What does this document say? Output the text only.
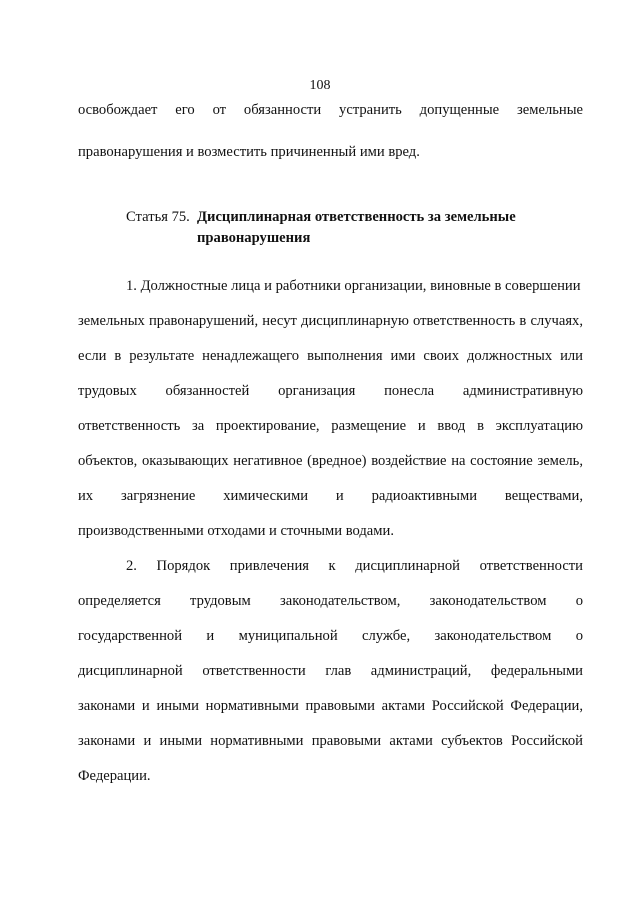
108
освобождает его от обязанности устранить допущенные земельные
правонарушения и возместить причиненный ими вред.
Статья 75. Дисциплинарная ответственность за земельные
правонарушения
1. Должностные лица и работники организации, виновные в совершении
земельных правонарушений, несут дисциплинарную ответственность в случаях,
если в результате ненадлежащего выполнения ими своих должностных или
трудовых обязанностей организация понесла административную
ответственность за проектирование, размещение и ввод в эксплуатацию
объектов, оказывающих негативное (вредное) воздействие на состояние земель,
их загрязнение химическими и радиоактивными веществами,
производственными отходами и сточными водами.
2. Порядок привлечения к дисциплинарной ответственности
определяется трудовым законодательством, законодательством о
государственной и муниципальной службе, законодательством о
дисциплинарной ответственности глав администраций, федеральными
законами и иными нормативными правовыми актами Российской Федерации,
законами и иными нормативными правовыми актами субъектов Российской
Федерации.
